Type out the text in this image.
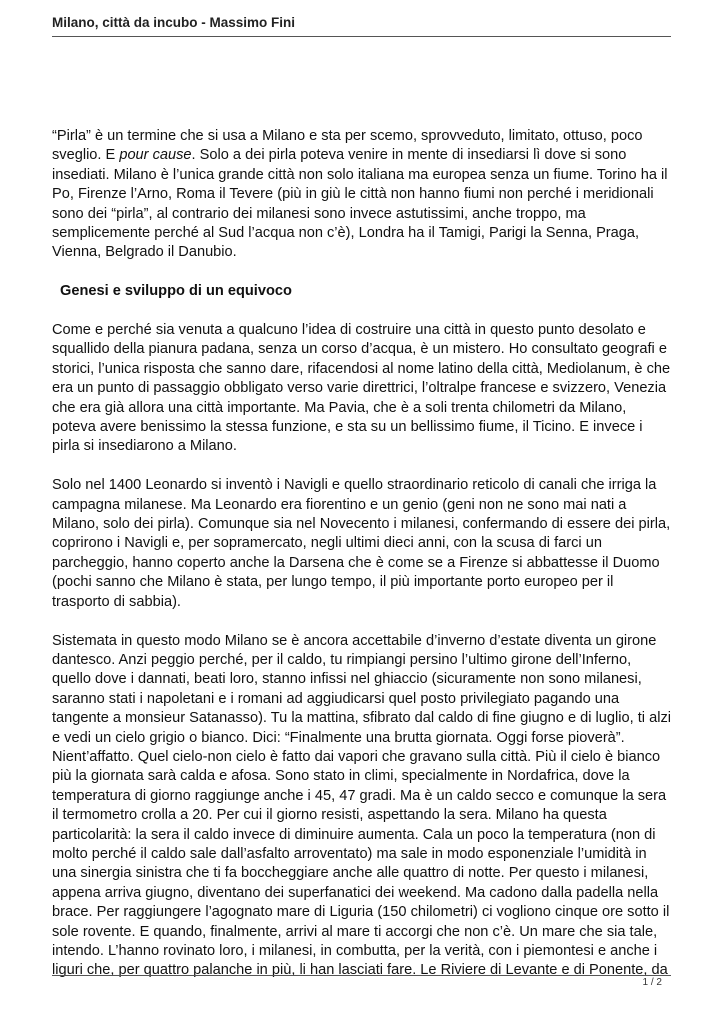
Milano, città da incubo - Massimo Fini

“Pirla” è un termine che si usa a Milano e sta per scemo, sprovveduto, limitato, ottuso, poco sveglio. E pour cause. Solo a dei pirla poteva venire in mente di insediarsi lì dove si sono insediati. Milano è l’unica grande città non solo italiana ma europea senza un fiume. Torino ha il Po, Firenze l’Arno, Roma il Tevere (più in giù le città non hanno fiumi non perché i meridionali sono dei “pirla”, al contrario dei milanesi sono invece astutissimi, anche troppo, ma semplicemente perché al Sud l’acqua non c’è), Londra ha il Tamigi, Parigi la Senna, Praga, Vienna, Belgrado il Danubio.

Genesi e sviluppo di un equivoco

Come e perché sia venuta a qualcuno l’idea di costruire una città in questo punto desolato e squallido della pianura padana, senza un corso d’acqua, è un mistero. Ho consultato geografi e storici, l’unica risposta che sanno dare, rifacendosi al nome latino della città, Mediolanum, è che era un punto di passaggio obbligato verso varie direttrici, l’oltralpe francese e svizzero, Venezia che era già allora una città importante. Ma Pavia, che è a soli trenta chilometri da Milano, poteva avere benissimo la stessa funzione, e sta su un bellissimo fiume, il Ticino. E invece i pirla si insediarono a Milano.

Solo nel 1400 Leonardo si inventò i Navigli e quello straordinario reticolo di canali che irriga la campagna milanese. Ma Leonardo era fiorentino e un genio (geni non ne sono mai nati a Milano, solo dei pirla). Comunque sia nel Novecento i milanesi, confermando di essere dei pirla, coprirono i Navigli e, per sopramercato, negli ultimi dieci anni, con la scusa di farci un parcheggio, hanno coperto anche la Darsena che è come se a Firenze si abbattesse il Duomo (pochi sanno che Milano è stata, per lungo tempo, il più importante porto europeo per il trasporto di sabbia).

Sistemata in questo modo Milano se è ancora accettabile d’inverno d’estate diventa un girone dantesco. Anzi peggio perché, per il caldo, tu rimpiangi persino l’ultimo girone dell’Inferno, quello dove i dannati, beati loro, stanno infissi nel ghiaccio (sicuramente non sono milanesi, saranno stati i napoletani e i romani ad aggiudicarsi quel posto privilegiato pagando una tangente a monsieur Satanasso). Tu la mattina, sfibrato dal caldo di fine giugno e di luglio, ti alzi e vedi un cielo grigio o bianco. Dici: “Finalmente una brutta giornata. Oggi forse pioverà”. Nient’affatto. Quel cielo-non cielo è fatto dai vapori che gravano sulla città. Più il cielo è bianco più la giornata sarà calda e afosa. Sono stato in climi, specialmente in Nordafrica, dove la temperatura di giorno raggiunge anche i 45, 47 gradi. Ma è un caldo secco e comunque la sera il termometro crolla a 20. Per cui il giorno resisti, aspettando la sera. Milano ha questa particolarità: la sera il caldo invece di diminuire aumenta. Cala un poco la temperatura (non di molto perché il caldo sale dall’asfalto arroventato) ma sale in modo esponenziale l’umidità in una sinergia sinistra che ti fa boccheggiare anche alle quattro di notte. Per questo i milanesi, appena arriva giugno, diventano dei superfanatici dei weekend. Ma cadono dalla padella nella brace. Per raggiungere l’agognato mare di Liguria (150 chilometri) ci vogliono cinque ore sotto il sole rovente. E quando, finalmente, arrivi al mare ti accorgi che non c’è. Un mare che sia tale, intendo. L’hanno rovinato loro, i milanesi, in combutta, per la verità, con i piemontesi e anche i liguri che, per quattro palanche in più, li han lasciati fare. Le Riviere di Levante e di Ponente, da

1 / 2
